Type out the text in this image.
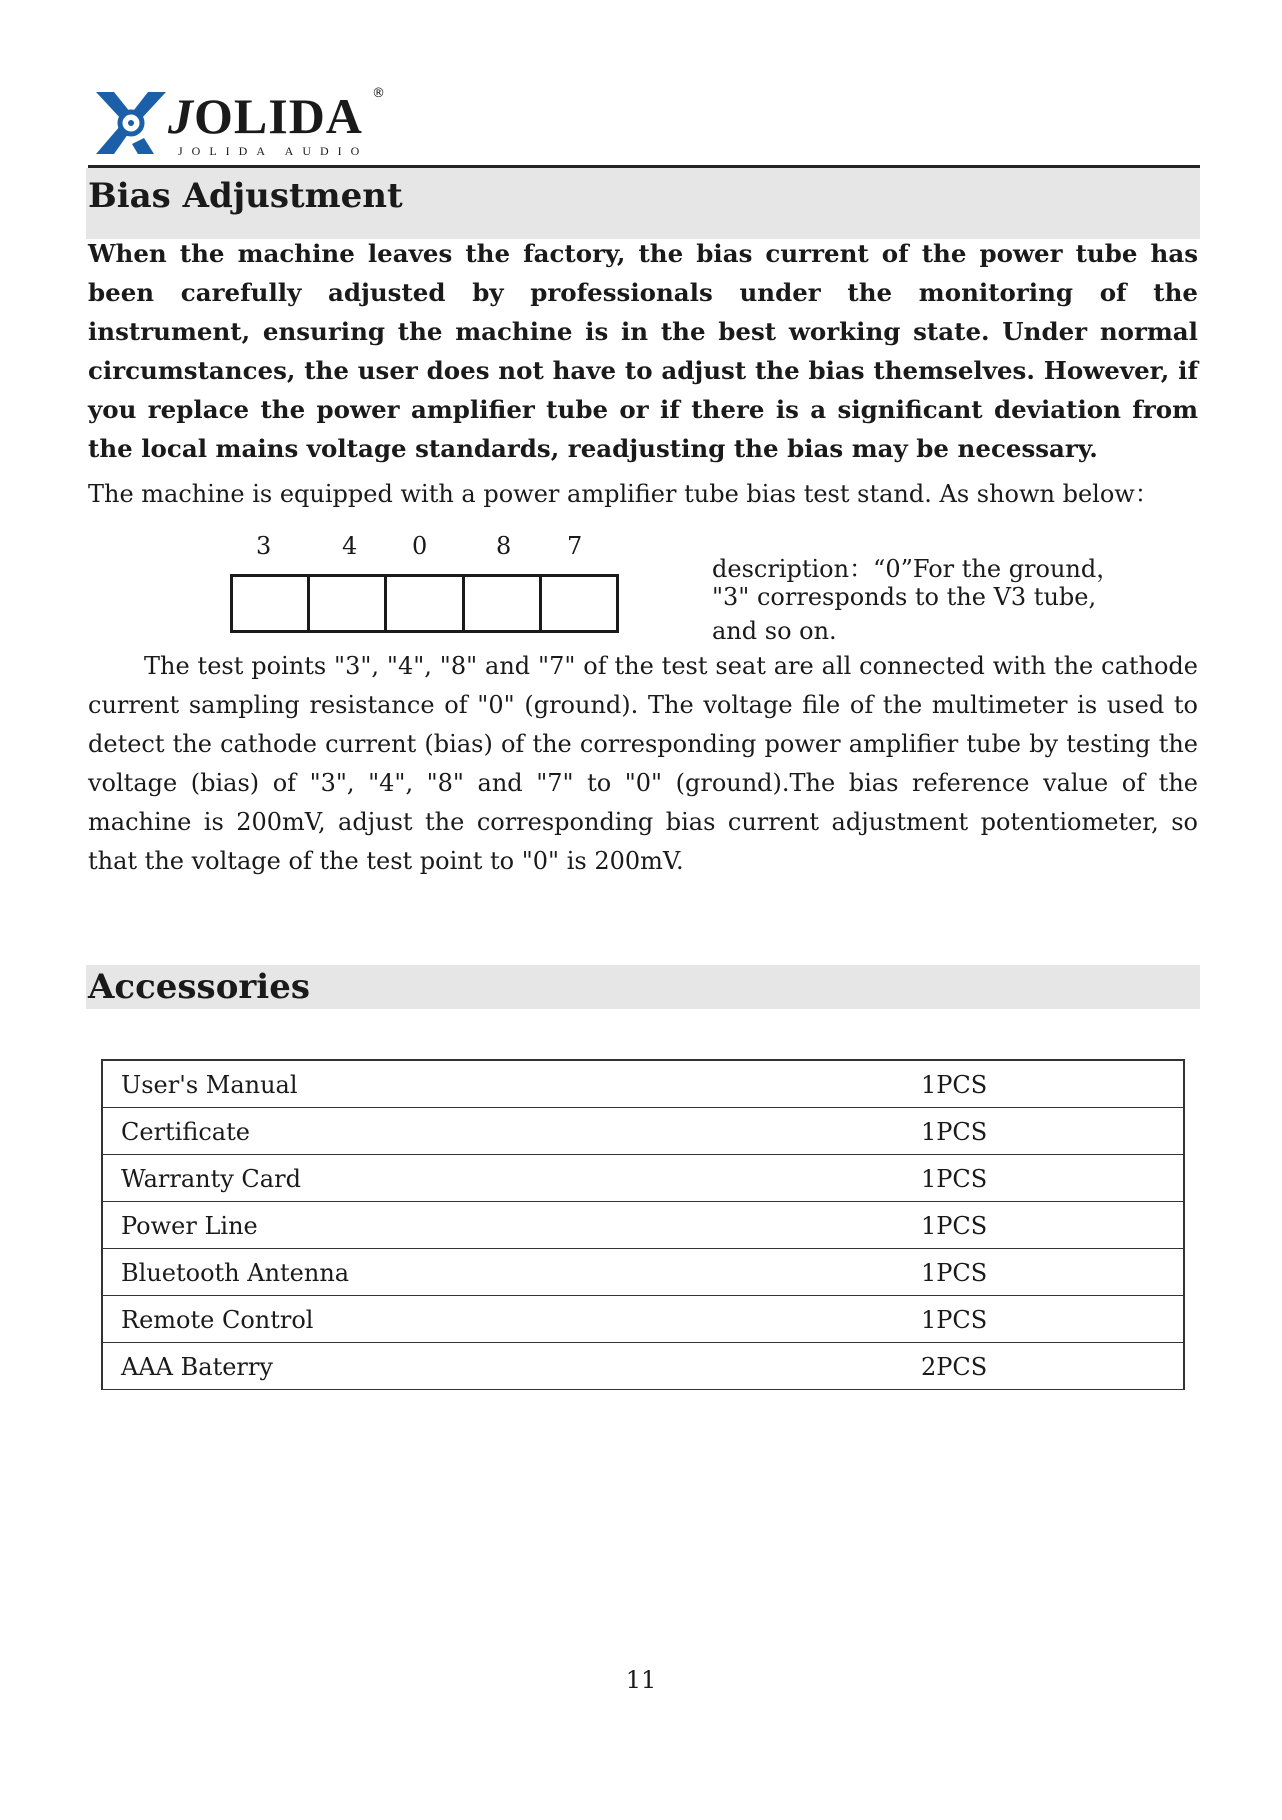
JOLIDA ®
JOLIDA AUDIO
Bias Adjustment
When the machine leaves the factory, the bias current of the power tube has been carefully adjusted by professionals under the monitoring of the instrument, ensuring the machine is in the best working state. Under normal circumstances, the user does not have to adjust the bias themselves. However, if you replace the power amplifier tube or if there is a significant deviation from the local mains voltage standards, readjusting the bias may be necessary.
The machine is equipped with a power amplifier tube bias test stand. As shown below：
3	4 0	8 7
description：“0”For the ground，
"3" corresponds to the V3 tube,
and so on.
The test points "3", "4", "8" and "7" of the test seat are all connected with the cathode current sampling resistance of "0" (ground). The voltage file of the multimeter is used to detect the cathode current (bias) of the corresponding power amplifier tube by testing the voltage (bias) of "3", "4", "8" and "7" to "0" (ground).The bias reference value of the machine is 200mV, adjust the corresponding bias current adjustment potentiometer, so that the voltage of the test point to "0" is 200mV.
Accessories
User's Manual	1PCS
Certificate	1PCS
Warranty Card	1PCS
Power Line	1PCS
Bluetooth Antenna	1PCS
Remote Control	1PCS
AAA Baterry	2PCS
11
